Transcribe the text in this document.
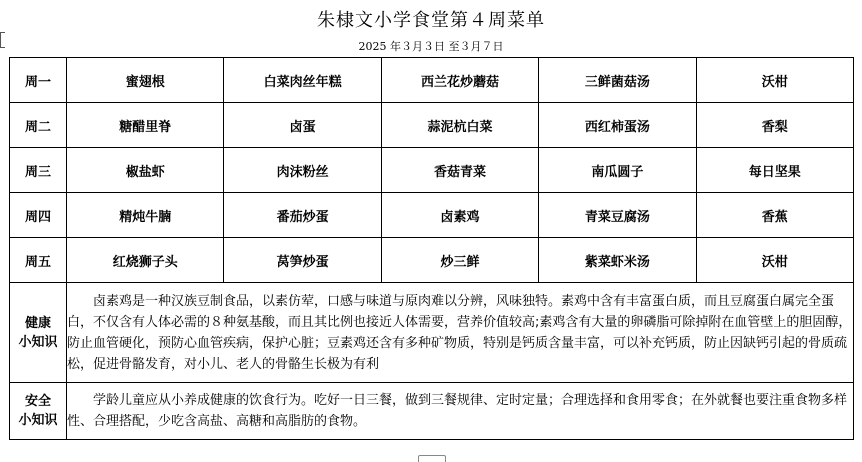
朱棣文小学食堂第４周菜单
2025 年３月３日 至３月７日
周一	蜜翅根	白菜肉丝年糕	西兰花炒蘑菇	三鲜菌菇汤	沃柑
周二	糖醋里脊	卤蛋	蒜泥杭白菜	西红柿蛋汤	香梨
周三	椒盐虾	肉沫粉丝	香菇青菜	南瓜圆子	每日坚果
周四	精炖牛腩	番茄炒蛋	卤素鸡	青菜豆腐汤	香蕉
周五	红烧狮子头	莴笋炒蛋	炒三鲜	紫菜虾米汤	沃柑
健康
小知识	卤素鸡是一种汉族豆制食品，以素仿荤，口感与味道与原肉难以分辨，风味独特。素鸡中含有丰富蛋白质，而且豆腐蛋白属完全蛋白，不仅含有人体必需的８种氨基酸，而且其比例也接近人体需要，营养价值较高;素鸡含有大量的卵磷脂可除掉附在血管壁上的胆固醇，防止血管硬化，预防心血管疾病，保护心脏；豆素鸡还含有多种矿物质，特别是钙质含量丰富，可以补充钙质，防止因缺钙引起的骨质疏松，促进骨骼发育，对小儿、老人的骨骼生长极为有利				
安全
小知识	学龄儿童应从小养成健康的饮食行为。吃好一日三餐，做到三餐规律、定时定量；合理选择和食用零食；在外就餐也要注重食物多样性、合理搭配，少吃含高盐、高糖和高脂肪的食物。				
